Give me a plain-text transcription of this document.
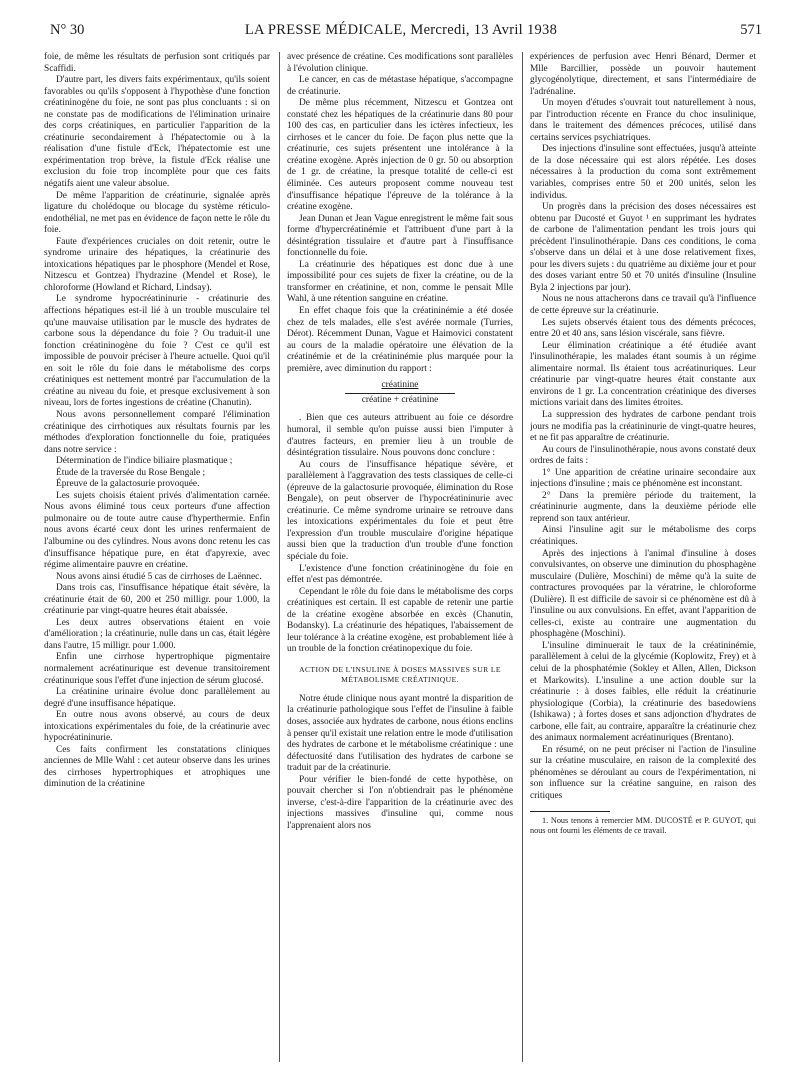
N° 30	LA PRESSE MÉDICALE, Mercredi, 13 Avril 1938	571

foie, de même les résultats de perfusion sont critiqués par Scaffidi.

D'autre part, les divers faits expérimentaux, qu'ils soient favorables ou qu'ils s'opposent à l'hypothèse d'une fonction créatininogène du foie, ne sont pas plus concluants : si on ne constate pas de modifications de l'élimination urinaire des corps créatiniques, en particulier l'apparition de la créatinurie secondairement à l'hépatectomie ou à la réalisation d'une fistule d'Eck, l'hépatectomie est une expérimentation trop brève, la fistule d'Eck réalise une exclusion du foie trop incomplète pour que ces faits négatifs aient une valeur absolue.

De même l'apparition de créatinurie, signalée après ligature du cholédoque ou blocage du système réticulo-endothélial, ne met pas en évidence de façon nette le rôle du foie.

Faute d'expériences cruciales on doit retenir, outre le syndrome urinaire des hépatiques, la créatinurie des intoxications hépatiques par le phosphore (Mendel et Rose, Nitzescu et Gontzea) l'hydrazine (Mendel et Rose), le chloroforme (Howland et Richard, Lindsay).

Le syndrome hypocréatininurie - créatinurie des affections hépatiques est-il lié à un trouble musculaire tel qu'une mauvaise utilisation par le muscle des hydrates de carbone sous la dépendance du foie ? Ou traduit-il une fonction créatininogène du foie ? C'est ce qu'il est impossible de pouvoir préciser à l'heure actuelle. Quoi qu'il en soit le rôle du foie dans le métabolisme des corps créatiniques est nettement montré par l'accumulation de la créatine au niveau du foie, et presque exclusivement à son niveau, lors de fortes ingestions de créatine (Chanutin).

Nous avons personnellement comparé l'élimination créatinique des cirrhotiques aux résultats fournis par les méthodes d'exploration fonctionnelle du foie, pratiquées dans notre service :

Détermination de l'indice biliaire plasmatique ;

Étude de la traversée du Rose Bengale ;

Épreuve de la galactosurie provoquée.

Les sujets choisis étaient privés d'alimentation carnée. Nous avons éliminé tous ceux porteurs d'une affection pulmonaire ou de toute autre cause d'hyperthermie. Enfin nous avons écarté ceux dont les urines renfermaient de l'albumine ou des cylindres. Nous avons donc retenu les cas d'insuffisance hépatique pure, en état d'apyrexie, avec régime alimentaire pauvre en créatine.

Nous avons ainsi étudié 5 cas de cirrhoses de Laënnec.

Dans trois cas, l'insuffisance hépatique était sévère, la créatinurie était de 60, 200 et 250 milligr. pour 1.000, la créatinurie par vingt-quatre heures était abaissée.

Les deux autres observations étaient en voie d'amélioration ; la créatinurie, nulle dans un cas, était légère dans l'autre, 15 milligr. pour 1.000.

Enfin une cirrhose hypertrophique pigmentaire normalement acréatinurique est devenue transitoirement créatinurique sous l'effet d'une injection de sérum glucosé.

La créatinine urinaire évolue donc parallèlement au degré d'une insuffisance hépatique.

En outre nous avons observé, au cours de deux intoxications expérimentales du foie, de la créatinurie avec hypocréatininurie.

Ces faits confirment les constatations cliniques anciennes de Mlle Wahl : cet auteur observe dans les urines des cirrhoses hypertrophiques et atrophiques une diminution de la créatinine

avec présence de créatine. Ces modifications sont parallèles à l'évolution clinique.

Le cancer, en cas de métastase hépatique, s'accompagne de créatinurie.

De même plus récemment, Nitzescu et Gontzea ont constaté chez les hépatiques de la créatinurie dans 80 pour 100 des cas, en particulier dans les ictères infectieux, les cirrhoses et le cancer du foie. De façon plus nette que la créatinurie, ces sujets présentent une intolérance à la créatine exogène. Après injection de 0 gr. 50 ou absorption de 1 gr. de créatine, la presque totalité de celle-ci est éliminée. Ces auteurs proposent comme nouveau test d'insuffisance hépatique l'épreuve de la tolérance à la créatine exogène.

Jean Dunan et Jean Vague enregistrent le même fait sous forme d'hypercréatinémie et l'attribuent d'une part à la désintégration tissulaire et d'autre part à l'insuffisance fonctionnelle du foie.

La créatinurie des hépatiques est donc due à une impossibilité pour ces sujets de fixer la créatine, ou de la transformer en créatinine, et non, comme le pensait Mlle Wahl, à une rétention sanguine en créatine.

En effet chaque fois que la créatininémie a été dosée chez de tels malades, elle s'est avérée normale (Turries, Dérot). Récemment Dunan, Vague et Haimovici constatent au cours de la maladie opératoire une élévation de la créatinémie et de la créatininémie plus marquée pour la première, avec diminution du rapport :

créatinine
créatine + créatinine

. Bien que ces auteurs attribuent au foie ce désordre humoral, il semble qu'on puisse aussi bien l'imputer à d'autres facteurs, en premier lieu à un trouble de désintégration tissulaire. Nous pouvons donc conclure :

Au cours de l'insuffisance hépatique sévère, et parallèlement à l'aggravation des tests classiques de celle-ci (épreuve de la galactosurie provoquée, élimination du Rose Bengale), on peut observer de l'hypocréatininurie avec créatinurie. Ce même syndrome urinaire se retrouve dans les intoxications expérimentales du foie et peut être l'expression d'un trouble musculaire d'origine hépatique aussi bien que la traduction d'un trouble d'une fonction spéciale du foie.

L'existence d'une fonction créatininogène du foie en effet n'est pas démontrée.

Cependant le rôle du foie dans le métabolisme des corps créatiniques est certain. Il est capable de retenir une partie de la créatine exogène absorbée en excès (Chanutin, Bodansky). La créatinurie des hépatiques, l'abaissement de leur tolérance à la créatine exogène, est probablement liée à un trouble de la fonction créatinopexique du foie.

ACTION DE L'INSULINE À DOSES MASSIVES SUR LE MÉTABOLISME CRÉATINIQUE.

Notre étude clinique nous ayant montré la disparition de la créatinurie pathologique sous l'effet de l'insuline à faible doses, associée aux hydrates de carbone, nous étions enclins à penser qu'il existait une relation entre le mode d'utilisation des hydrates de carbone et le métabolisme créatinique : une défectuosité dans l'utilisation des hydrates de carbone se traduit par de la créatinurie.

Pour vérifier le bien-fondé de cette hypothèse, on pouvait chercher si l'on n'obtiendrait pas le phénomène inverse, c'est-à-dire l'apparition de la créatinurie avec des injections massives d'insuline qui, comme nous l'apprenaient alors nos

expériences de perfusion avec Henri Bénard, Dermer et Mlle Barcillier, possède un pouvoir hautement glycogénolytique, directement, et sans l'intermédiaire de l'adrénaline.

Un moyen d'études s'ouvrait tout naturellement à nous, par l'introduction récente en France du choc insulinique, dans le traitement des démences précoces, utilisé dans certains services psychiatriques.

Des injections d'insuline sont effectuées, jusqu'à atteinte de la dose nécessaire qui est alors répétée. Les doses nécessaires à la production du coma sont extrêmement variables, comprises entre 50 et 200 unités, selon les individus.

Un progrès dans la précision des doses nécessaires est obtenu par Ducosté et Guyot ¹ en supprimant les hydrates de carbone de l'alimentation pendant les trois jours qui précèdent l'insulinothérapie. Dans ces conditions, le coma s'observe dans un délai et à une dose relativement fixes, pour les divers sujets : du quatrième au dixième jour et pour des doses variant entre 50 et 70 unités d'insuline (Insuline Byla 2 injections par jour).

Nous ne nous attacherons dans ce travail qu'à l'influence de cette épreuve sur la créatinurie.

Les sujets observés étaient tous des déments précoces, entre 20 et 40 ans, sans lésion viscérale, sans fièvre.

Leur élimination créatinique a été étudiée avant l'insulinothérapie, les malades étant soumis à un régime alimentaire normal. Ils étaient tous acréatinuriques. Leur créatinurie par vingt-quatre heures était constante aux environs de 1 gr. La concentration créatinique des diverses mictions variait dans des limites étroites.

La suppression des hydrates de carbone pendant trois jours ne modifia pas la créatininurie de vingt-quatre heures, et ne fit pas apparaître de créatinurie.

Au cours de l'insulinothérapie, nous avons constaté deux ordres de faits :

1° Une apparition de créatine urinaire secondaire aux injections d'insuline ; mais ce phénomène est inconstant.

2° Dans la première période du traitement, la créatininurie augmente, dans la deuxième période elle reprend son taux antérieur.

Ainsi l'insuline agit sur le métabolisme des corps créatiniques.

Après des injections à l'animal d'insuline à doses convulsivantes, on observe une diminution du phosphagène musculaire (Dulière, Moschini) de même qu'à la suite de contractures provoquées par la vératrine, le chloroforme (Dulière). Il est difficile de savoir si ce phénomène est dû à l'insuline ou aux convulsions. En effet, avant l'apparition de celles-ci, existe au contraire une augmentation du phosphagène (Moschini).

L'insuline diminuerait le taux de la créatininémie, parallèlement à celui de la glycémie (Koplowitz, Frey) et à celui de la phosphatémie (Sokley et Allen, Allen, Dickson et Markowits). L'insuline a une action double sur la créatinurie : à doses faibles, elle réduit la créatinurie physiologique (Corbia), la créatinurie des basedowiens (Ishikawa) ; à fortes doses et sans adjonction d'hydrates de carbone, elle fait, au contraire, apparaître la créatinurie chez des animaux normalement acréatinuriques (Brentano).

En résumé, on ne peut préciser ni l'action de l'insuline sur la créatine musculaire, en raison de la complexité des phénomènes se déroulant au cours de l'expérimentation, ni son influence sur la créatine sanguine, en raison des critiques

1. Nous tenons à remercier MM. DUCOSTÉ et P. GUYOT, qui nous ont fourni les éléments de ce travail.
